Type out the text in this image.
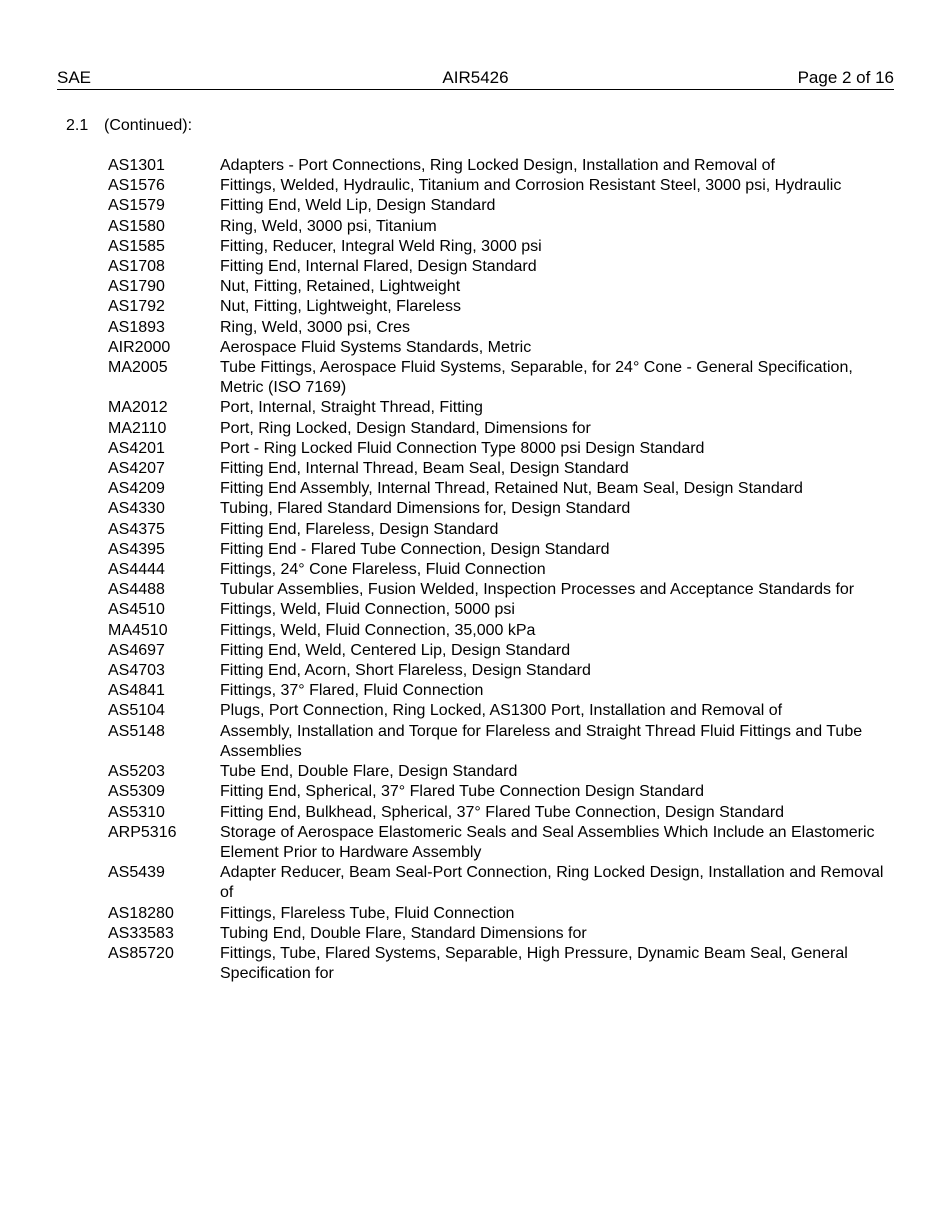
SAE	AIR5426	Page 2 of 16
2.1 (Continued):
AS1301	Adapters - Port Connections, Ring Locked Design, Installation and Removal of
AS1576	Fittings, Welded, Hydraulic, Titanium and Corrosion Resistant Steel, 3000 psi, Hydraulic
AS1579	Fitting End, Weld Lip, Design Standard
AS1580	Ring, Weld, 3000 psi, Titanium
AS1585	Fitting, Reducer, Integral Weld Ring, 3000 psi
AS1708	Fitting End, Internal Flared, Design Standard
AS1790	Nut, Fitting, Retained, Lightweight
AS1792	Nut, Fitting, Lightweight, Flareless
AS1893	Ring, Weld, 3000 psi, Cres
AIR2000	Aerospace Fluid Systems Standards, Metric
MA2005	Tube Fittings, Aerospace Fluid Systems, Separable, for 24° Cone - General Specification, Metric (ISO 7169)
MA2012	Port, Internal, Straight Thread, Fitting
MA2110	Port, Ring Locked, Design Standard, Dimensions for
AS4201	Port - Ring Locked Fluid Connection Type 8000 psi Design Standard
AS4207	Fitting End, Internal Thread, Beam Seal, Design Standard
AS4209	Fitting End Assembly, Internal Thread, Retained Nut, Beam Seal, Design Standard
AS4330	Tubing, Flared Standard Dimensions for, Design Standard
AS4375	Fitting End, Flareless, Design Standard
AS4395	Fitting End - Flared Tube Connection, Design Standard
AS4444	Fittings, 24° Cone Flareless, Fluid Connection
AS4488	Tubular Assemblies, Fusion Welded, Inspection Processes and Acceptance Standards for
AS4510	Fittings, Weld, Fluid Connection, 5000 psi
MA4510	Fittings, Weld, Fluid Connection, 35,000 kPa
AS4697	Fitting End, Weld, Centered Lip, Design Standard
AS4703	Fitting End, Acorn, Short Flareless, Design Standard
AS4841	Fittings, 37° Flared, Fluid Connection
AS5104	Plugs, Port Connection, Ring Locked, AS1300 Port, Installation and Removal of
AS5148	Assembly, Installation and Torque for Flareless and Straight Thread Fluid Fittings and Tube Assemblies
AS5203	Tube End, Double Flare, Design Standard
AS5309	Fitting End, Spherical, 37° Flared Tube Connection Design Standard
AS5310	Fitting End, Bulkhead, Spherical, 37° Flared Tube Connection, Design Standard
ARP5316	Storage of Aerospace Elastomeric Seals and Seal Assemblies Which Include an Elastomeric Element Prior to Hardware Assembly
AS5439	Adapter Reducer, Beam Seal-Port Connection, Ring Locked Design, Installation and Removal of
AS18280	Fittings, Flareless Tube, Fluid Connection
AS33583	Tubing End, Double Flare, Standard Dimensions for
AS85720	Fittings, Tube, Flared Systems, Separable, High Pressure, Dynamic Beam Seal, General Specification for
